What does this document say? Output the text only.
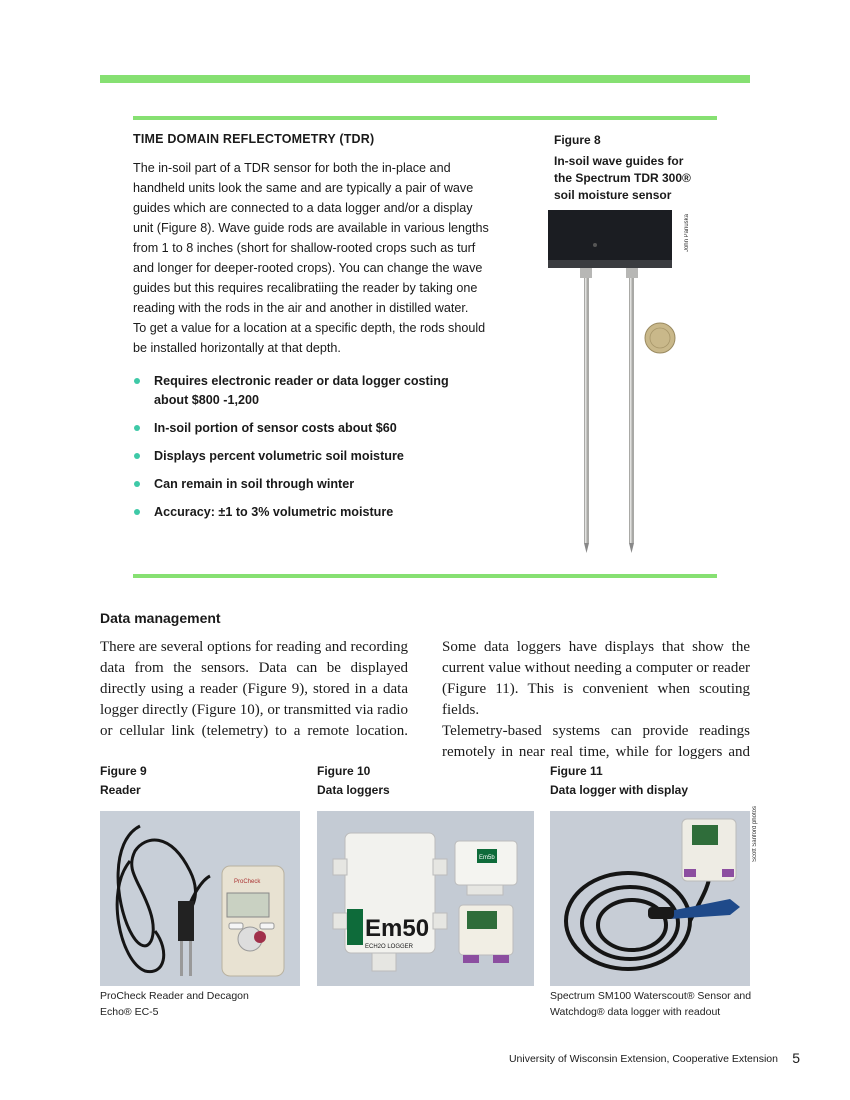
TIME DOMAIN REFLECTOMETRY (TDR)
The in-soil part of a TDR sensor for both the in-place and
handheld units look the same and are typically a pair of wave
guides which are connected to a data logger and/or a display
unit (Figure 8). Wave guide rods are available in various lengths
from 1 to 8 inches (short for shallow-rooted crops such as turf
and longer for deeper-rooted crops). You can change the wave
guides but this requires recalibratiing the reader by taking one
reading with the rods in the air and another in distilled water.
To get a value for a location at a specific depth, the rods should
be installed horizontally at that depth.
Requires electronic reader or data logger costing about $800 -1,200
In-soil portion of sensor costs about $60
Displays percent volumetric soil moisture
Can remain in soil through winter
Accuracy: ±1 to 3% volumetric moisture
Figure 8
In-soil wave guides for
the Spectrum TDR 300®
soil moisture sensor
John Panuska
Data management
There are several options for reading and recording
data from the sensors. Data can be displayed
directly using a reader (Figure 9), stored in a data
logger directly (Figure 10), or transmitted via radio
or cellular link (telemetry) to a remote location.
Some data loggers have displays that show the
current value without needing a computer or reader
(Figure 11). This is convenient when scouting fields.
Telemetry-based systems can provide readings
remotely in near real time, while for loggers and
Figure 9
Reader
ProCheck
ProCheck Reader and Decagon
Echo® EC-5
Figure 10
Data loggers
Em50
ECH2O LOGGER
Em5b
Figure 11
Data logger with display
Scott Sanford photos
Spectrum SM100 Waterscout® Sensor and
Watchdog® data logger with readout
University of Wisconsin Extension, Cooperative Extension 5
